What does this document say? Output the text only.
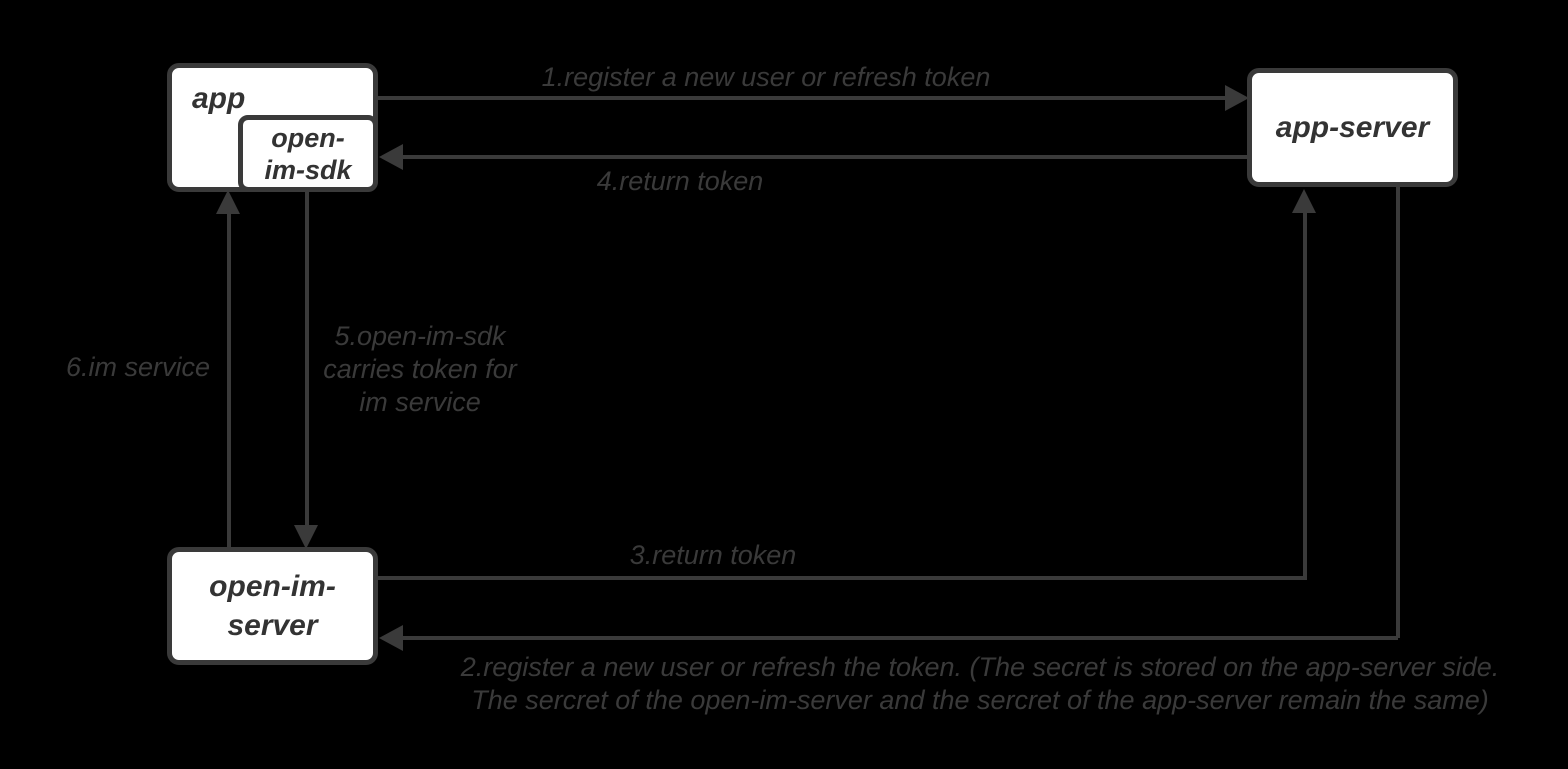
1.register a new user or refresh token
4.return token
5.open-im-sdk
carries token for
im service
6.im service
3.return token
2.register a new user or refresh the token. (The secret is stored on the app-server side.
The sercret of the open-im-server and the sercret of the app-server remain the same)
app
open-
im-sdk
app-server
open-im-
server
